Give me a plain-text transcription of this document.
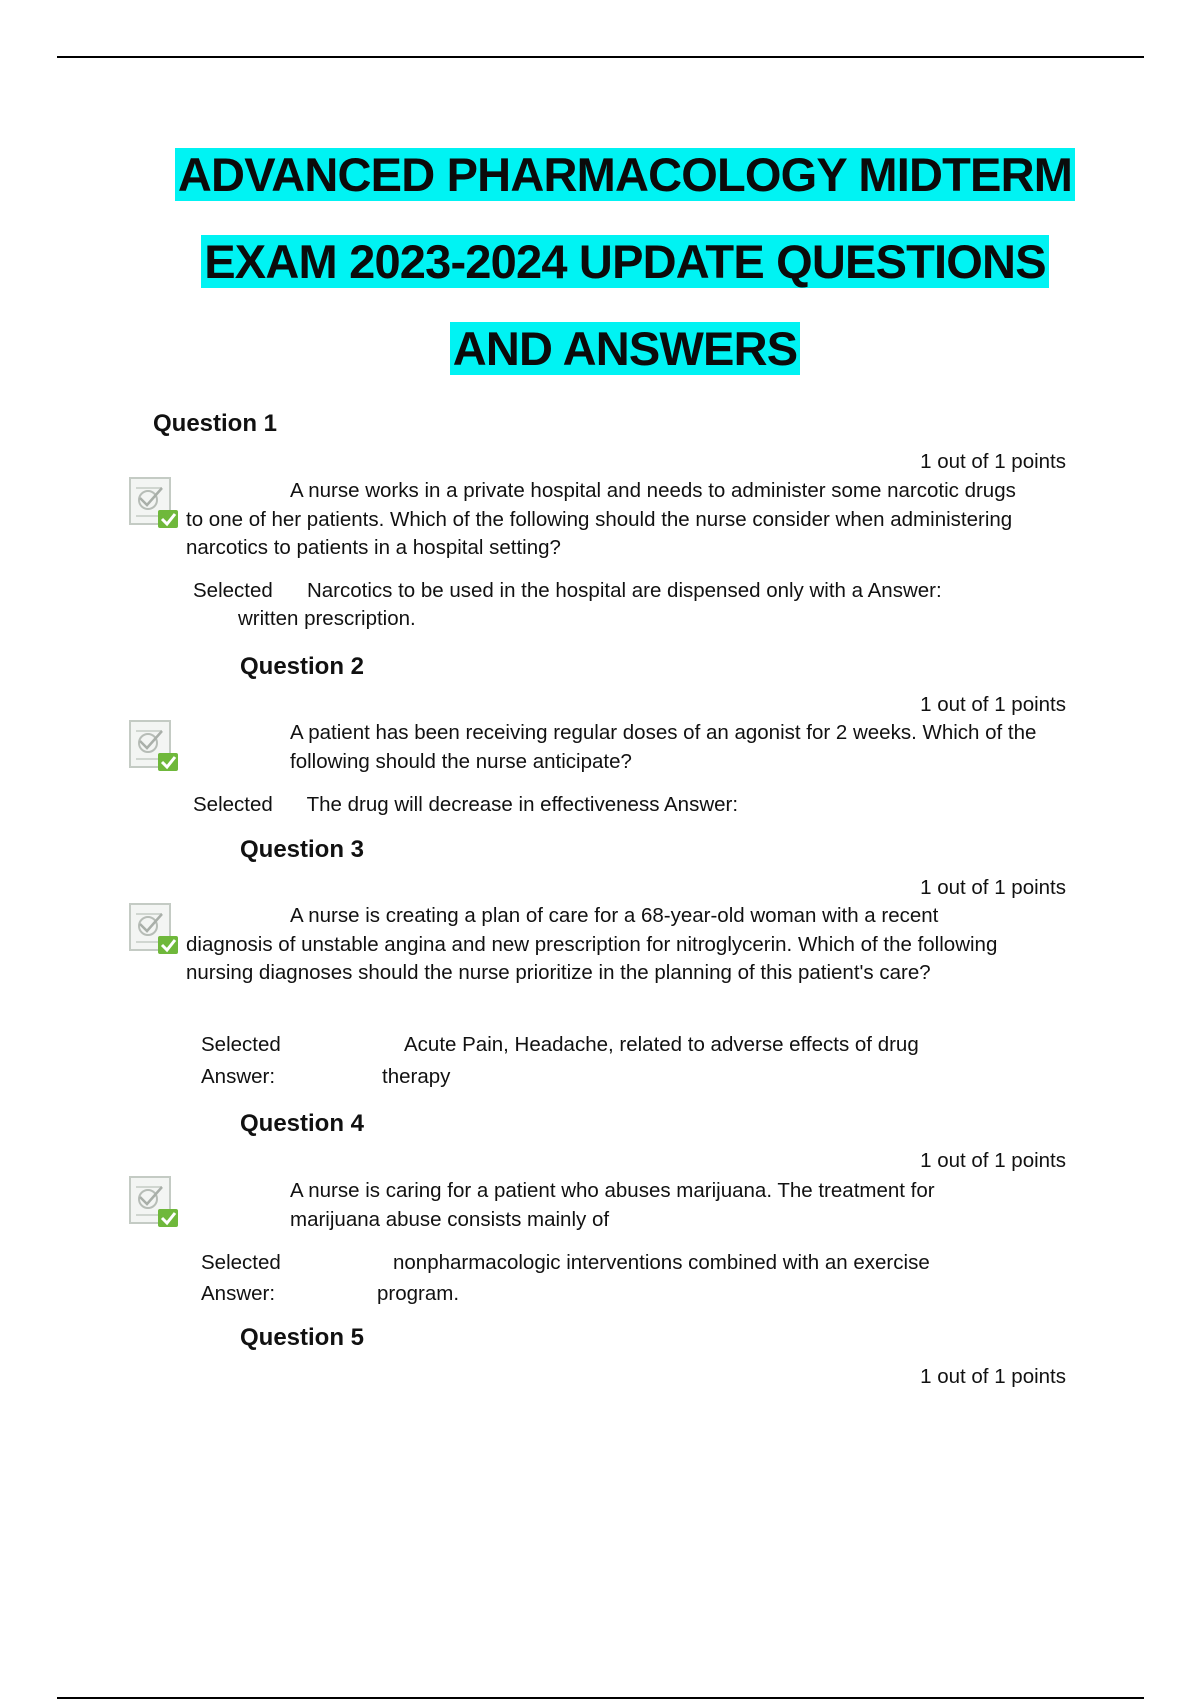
ADVANCED PHARMACOLOGY MIDTERM
EXAM 2023-2024 UPDATE QUESTIONS
AND ANSWERS
Question 1
1 out of 1 points
A nurse works in a private hospital and needs to administer some narcotic drugs to one of her patients. Which of the following should the nurse consider when administering narcotics to patients in a hospital setting?
Selected      Narcotics to be used in the hospital are dispensed only with a Answer:
written prescription.
Question 2
1 out of 1 points
A patient has been receiving regular doses of an agonist for 2 weeks. Which of the following should the nurse anticipate?
Selected      The drug will decrease in effectiveness Answer:
Question 3
1 out of 1 points
A nurse is creating a plan of care for a 68-year-old woman with a recent diagnosis of unstable angina and new prescription for nitroglycerin. Which of the following nursing diagnoses should the nurse prioritize in the planning of this patient's care?
Selected
Answer:
Acute Pain, Headache, related to adverse effects of drug
therapy
Question 4
1 out of 1 points
A nurse is caring for a patient who abuses marijuana. The treatment for marijuana abuse consists mainly of
Selected
Answer:
nonpharmacologic interventions combined with an exercise
program.
Question 5
1 out of 1 points
